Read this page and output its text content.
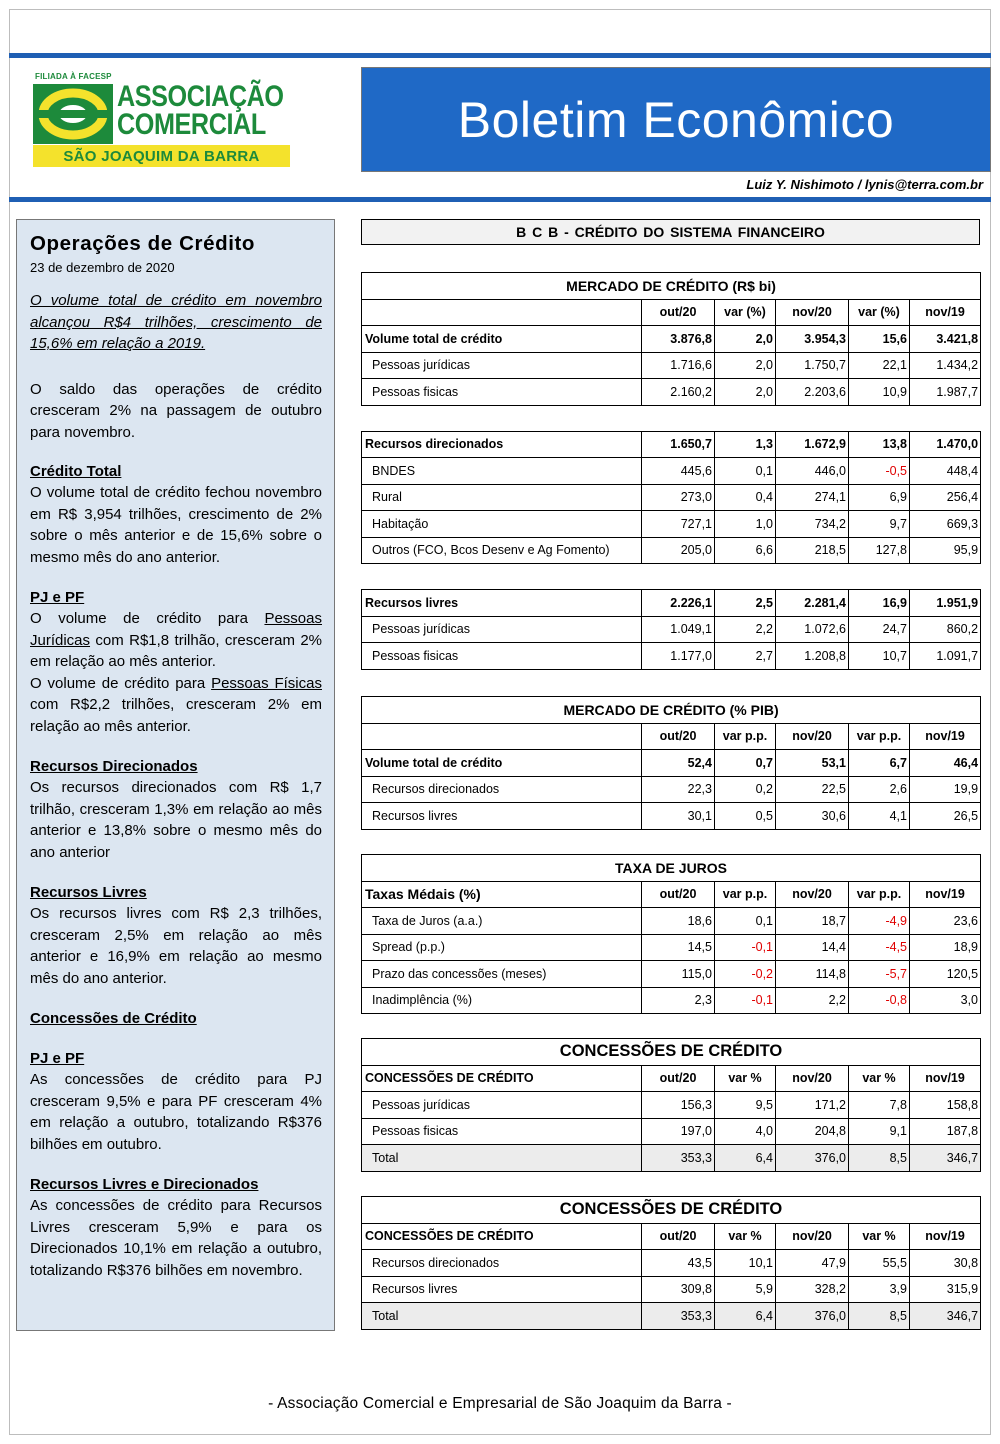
FILIADA À FACESP
ASSOCIAÇÃO
COMERCIAL
SÃO JOAQUIM DA BARRA
Boletim Econômico
Luiz Y. Nishimoto / lynis@terra.com.br
Operações de Crédito
23 de dezembro de 2020
O volume total de crédito em novembro alcançou R$4 trilhões, crescimento de 15,6% em relação a 2019.
O saldo das operações de crédito cresceram 2% na passagem de outubro para novembro.
Crédito Total
O volume total de crédito fechou novembro em R$ 3,954 trilhões, crescimento de 2% sobre o mês anterior e de 15,6% sobre o mesmo mês do ano anterior.
PJ e PF
O volume de crédito para Pessoas Jurídicas com R$1,8 trilhão, cresceram 2% em relação ao mês anterior.
O volume de crédito para Pessoas Físicas com R$2,2 trilhões, cresceram 2% em relação ao mês anterior.
Recursos Direcionados
Os recursos direcionados com R$ 1,7 trilhão, cresceram 1,3% em relação ao mês anterior e 13,8% sobre o mesmo mês do ano anterior
Recursos Livres
Os recursos livres com R$ 2,3 trilhões, cresceram 2,5% em relação ao mês anterior e 16,9% em relação ao mesmo mês do ano anterior.
Concessões de Crédito
PJ e PF
As concessões de crédito para PJ cresceram 9,5% e para PF cresceram 4% em relação a outubro, totalizando R$376 bilhões em outubro.
Recursos Livres e Direcionados
As concessões de crédito para Recursos Livres cresceram 5,9% e para os Direcionados 10,1% em relação a outubro, totalizando R$376 bilhões em novembro.
B C B - CRÉDITO DO SISTEMA FINANCEIRO
MERCADO DE CRÉDITO (R$ bi)					
	out/20	var (%)	nov/20	var (%)	nov/19
Volume total de crédito	3.876,8	2,0	3.954,3	15,6	3.421,8
Pessoas jurídicas	1.716,6	2,0	1.750,7	22,1	1.434,2
Pessoas fisicas	2.160,2	2,0	2.203,6	10,9	1.987,7

Recursos direcionados	1.650,7	1,3	1.672,9	13,8	1.470,0
BNDES	445,6	0,1	446,0	-0,5	448,4
Rural	273,0	0,4	274,1	6,9	256,4
Habitação	727,1	1,0	734,2	9,7	669,3
Outros (FCO, Bcos Desenv e Ag Fomento)	205,0	6,6	218,5	127,8	95,9

Recursos livres	2.226,1	2,5	2.281,4	16,9	1.951,9
Pessoas jurídicas	1.049,1	2,2	1.072,6	24,7	860,2
Pessoas fisicas	1.177,0	2,7	1.208,8	10,7	1.091,7
MERCADO DE CRÉDITO (% PIB)					
	out/20	var p.p.	nov/20	var p.p.	nov/19
Volume total de crédito	52,4	0,7	53,1	6,7	46,4
Recursos direcionados	22,3	0,2	22,5	2,6	19,9
Recursos livres	30,1	0,5	30,6	4,1	26,5
TAXA DE JUROS					
Taxas Médais (%)	out/20	var p.p.	nov/20	var p.p.	nov/19
Taxa de Juros (a.a.)	18,6	0,1	18,7	-4,9	23,6
Spread (p.p.)	14,5	-0,1	14,4	-4,5	18,9
Prazo das concessões (meses)	115,0	-0,2	114,8	-5,7	120,5
Inadimplência (%)	2,3	-0,1	2,2	-0,8	3,0
CONCESSÕES DE CRÉDITO					
CONCESSÕES DE CRÉDITO	out/20	var %	nov/20	var %	nov/19
Pessoas jurídicas	156,3	9,5	171,2	7,8	158,8
Pessoas fisicas	197,0	4,0	204,8	9,1	187,8
Total	353,3	6,4	376,0	8,5	346,7
CONCESSÕES DE CRÉDITO					
CONCESSÕES DE CRÉDITO	out/20	var %	nov/20	var %	nov/19
Recursos direcionados	43,5	10,1	47,9	55,5	30,8
Recursos livres	309,8	5,9	328,2	3,9	315,9
Total	353,3	6,4	376,0	8,5	346,7
- Associação Comercial e Empresarial de São Joaquim da Barra -
